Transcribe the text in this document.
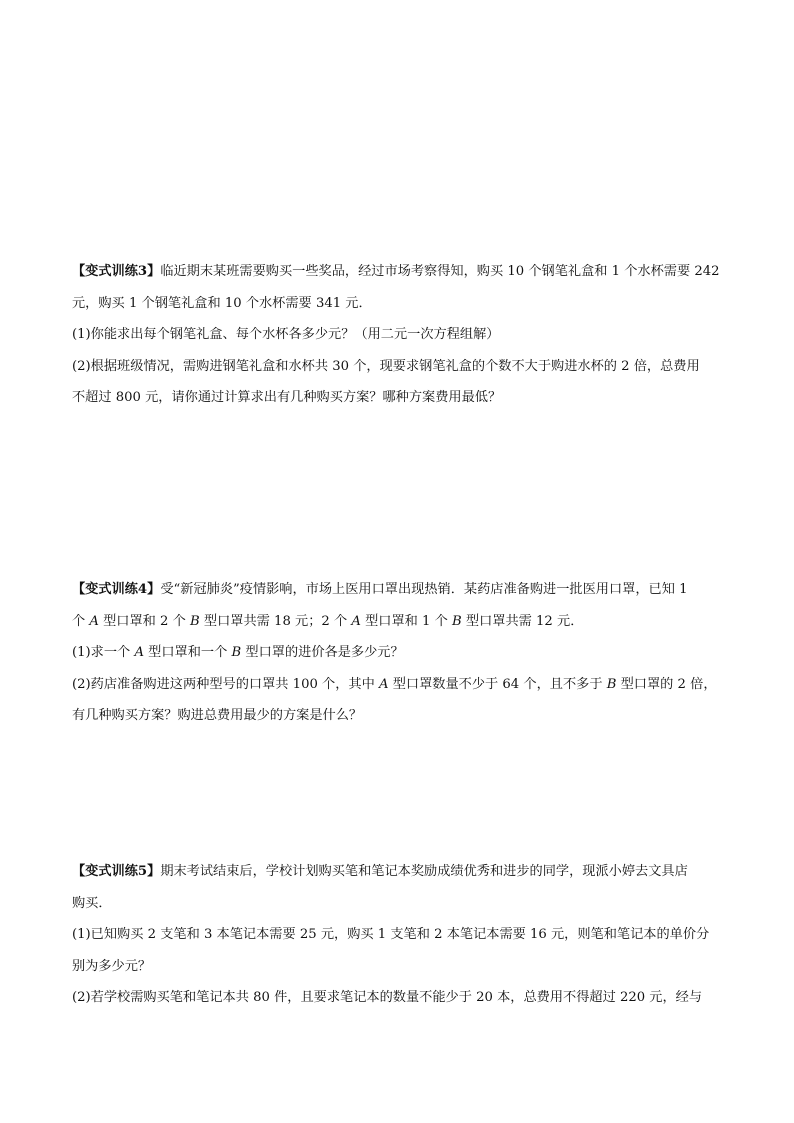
【变式训练3】临近期末某班需要购买一些奖品，经过市场考察得知，购买 10 个钢笔礼盒和 1 个水杯需要 242
元，购买 1 个钢笔礼盒和 10 个水杯需要 341 元．
(1)你能求出每个钢笔礼盒、每个水杯各多少元？（用二元一次方程组解）
(2)根据班级情况，需购进钢笔礼盒和水杯共 30 个，现要求钢笔礼盒的个数不大于购进水杯的 2 倍，总费用
不超过 800 元，请你通过计算求出有几种购买方案？哪种方案费用最低？
【变式训练4】受“新冠肺炎”疫情影响，市场上医用口罩出现热销．某药店准备购进一批医用口罩，已知 1
个 A 型口罩和 2 个 B 型口罩共需 18 元；2 个 A 型口罩和 1 个 B 型口罩共需 12 元．
(1)求一个 A 型口罩和一个 B 型口罩的进价各是多少元？
(2)药店准备购进这两种型号的口罩共 100 个，其中 A 型口罩数量不少于 64 个，且不多于 B 型口罩的 2 倍，
有几种购买方案？购进总费用最少的方案是什么？
【变式训练5】期末考试结束后，学校计划购买笔和笔记本奖励成绩优秀和进步的同学，现派小婷去文具店
购买．
(1)已知购买 2 支笔和 3 本笔记本需要 25 元，购买 1 支笔和 2 本笔记本需要 16 元，则笔和笔记本的单价分
别为多少元？
(2)若学校需购买笔和笔记本共 80 件，且要求笔记本的数量不能少于 20 本，总费用不得超过 220 元，经与
